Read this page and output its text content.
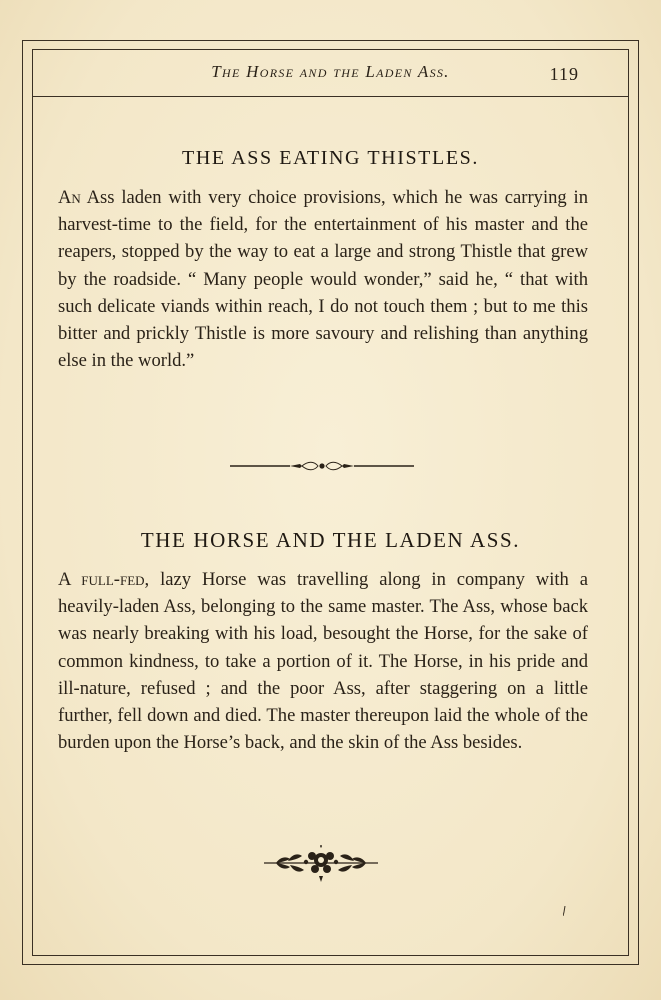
The Horse and the Laden Ass.	119
THE ASS EATING THISTLES.

An Ass laden with very choice provisions, which he was carrying in harvest-time to the field, for the entertainment of his master and the reapers, stopped by the way to eat a large and strong Thistle that grew by the roadside. “ Many people would wonder,” said he, “ that with such delicate viands within reach, I do not touch them ; but to me this bitter and prickly Thistle is more savoury and relishing than anything else in the world.”

THE HORSE AND THE LADEN ASS.

A full-fed, lazy Horse was travelling along in company with a heavily-laden Ass, belonging to the same master. The Ass, whose back was nearly breaking with his load, besought the Horse, for the sake of common kindness, to take a portion of it. The Horse, in his pride and ill-nature, refused ; and the poor Ass, after staggering on a little further, fell down and died. The master thereupon laid the whole of the burden upon the Horse’s back, and the skin of the Ass besides.
